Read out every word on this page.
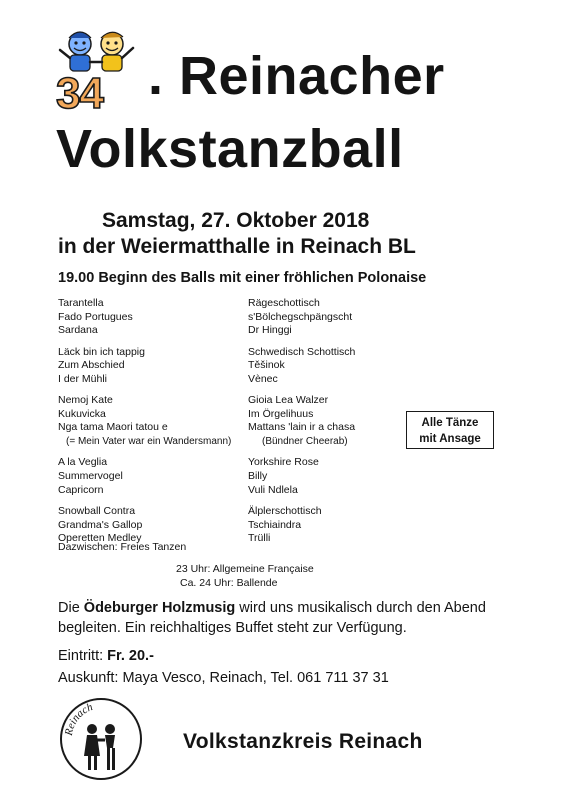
34 . Reinacher
Volkstanzball
Samstag, 27. Oktober 2018
in der Weiermatthalle in Reinach BL
19.00 Beginn des Balls mit einer fröhlichen Polonaise
Tarantella
Fado Portugues
Sardana
Läck bin ich tappig
Zum Abschied
I der Mühli
Nemoj Kate
Kukuvicka
Nga tama Maori tatou e
(= Mein Vater war ein Wandersmann)
A la Veglia
Summervogel
Capricorn
Snowball Contra
Grandma's Gallop
Operetten Medley
Rägeschottisch
s'Bölchegschpängscht
Dr Hinggi
Schwedisch Schottisch
Těšinok
Vènec
Gioia Lea Walzer
Im Örgelihuus
Mattans 'lain ir a chasa
(Bündner Cheerab)
Yorkshire Rose
Billy
Vuli Ndlela
Älplerschottisch
Tschiaindra
Trülli
Alle Tänze
mit Ansage
Dazwischen: Freies Tanzen
23 Uhr: Allgemeine Française
Ca. 24 Uhr: Ballende
Die Ödeburger Holzmusig wird uns musikalisch durch den Abend
begleiten. Ein reichhaltiges Buffet steht zur Verfügung.
Eintritt: Fr. 20.-
Auskunft: Maya Vesco, Reinach, Tel. 061 711 37 31
Reinach
Volkstanzkreis Reinach
